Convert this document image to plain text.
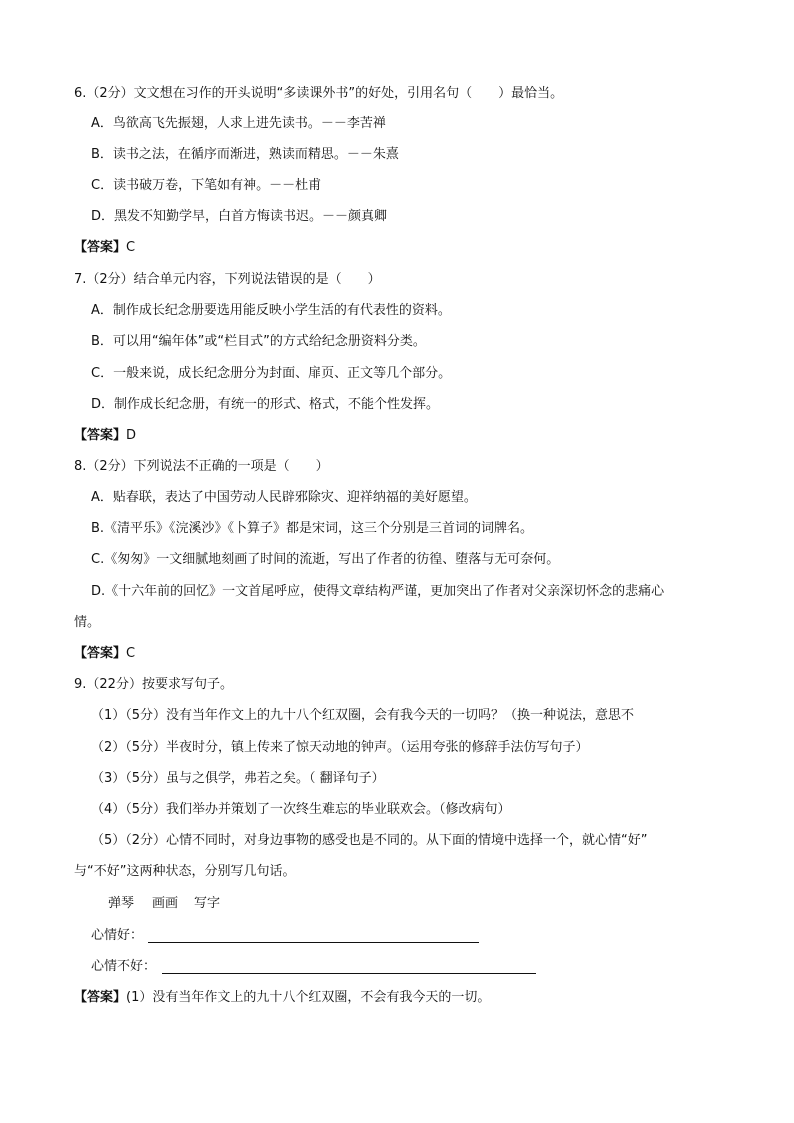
6.（2分）文文想在习作的开头说明“多读课外书”的好处，引用名句（　　）最恰当。
A．鸟欲高飞先振翅，人求上进先读书。－－李苦禅
B．读书之法，在循序而渐进，熟读而精思。－－朱熹
C．读书破万卷，下笔如有神。－－杜甫
D．黑发不知勤学早，白首方悔读书迟。－－颜真卿
【答案】C
7.（2分）结合单元内容，下列说法错误的是（　　）
A．制作成长纪念册要选用能反映小学生活的有代表性的资料。
B．可以用“编年体”或“栏目式”的方式给纪念册资料分类。
C．一般来说，成长纪念册分为封面、扉页、正文等几个部分。
D．制作成长纪念册，有统一的形式、格式，不能个性发挥。
【答案】D
8.（2分）下列说法不正确的一项是（　　）
A．贴春联，表达了中国劳动人民辟邪除灾、迎祥纳福的美好愿望。
B.《清平乐》《浣溪沙》《卜算子》都是宋词，这三个分别是三首词的词牌名。
C.《匆匆》一文细腻地刻画了时间的流逝，写出了作者的彷徨、堕落与无可奈何。
D.《十六年前的回忆》一文首尾呼应，使得文章结构严谨，更加突出了作者对父亲深切怀念的悲痛心
情。
【答案】C
9.（22分）按要求写句子。
（1）（5分）没有当年作文上的九十八个红双圈，会有我今天的一切吗？（换一种说法，意思不
（2）（5分）半夜时分，镇上传来了惊天动地的钟声。（运用夸张的修辞手法仿写句子）
（3）（5分）虽与之俱学，弗若之矣。（ 翻译句子）
（4）（5分）我们举办并策划了一次终生难忘的毕业联欢会。（修改病句）
（5）（2分）心情不同时，对身边事物的感受也是不同的。从下面的情境中选择一个，就心情“好”
与“不好”这两种状态，分别写几句话。
弹琴 画画 写字
心情好：
心情不好：
【答案】(1）没有当年作文上的九十八个红双圈，不会有我今天的一切。
